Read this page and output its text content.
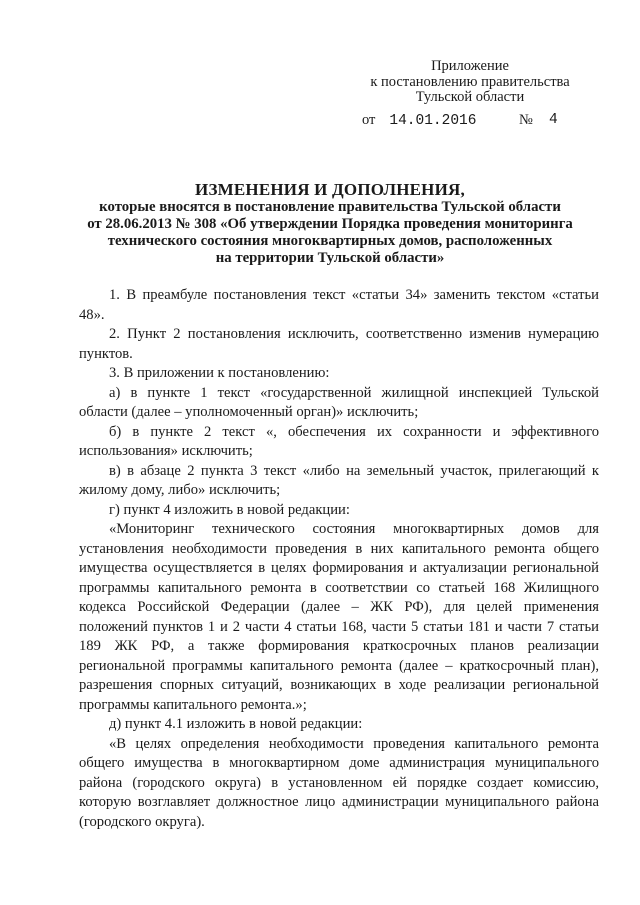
Приложение
к постановлению правительства
Тульской области
от 14.01.2016	№ 4
ИЗМЕНЕНИЯ И ДОПОЛНЕНИЯ,
которые вносятся в постановление правительства Тульской области
от 28.06.2013 № 308 «Об утверждении Порядка проведения мониторинга
технического состояния многоквартирных домов, расположенных
на территории Тульской области»

1. В преамбуле постановления текст «статьи 34» заменить текстом «статьи 48».

2. Пункт 2 постановления исключить, соответственно изменив нумерацию пунктов.

3. В приложении к постановлению:

а) в пункте 1 текст «государственной жилищной инспекцией Тульской области (далее – уполномоченный орган)» исключить;

б) в пункте 2 текст «, обеспечения их сохранности и эффективного использования» исключить;

в) в абзаце 2 пункта 3 текст «либо на земельный участок, прилегающий к жилому дому, либо» исключить;

г) пункт 4 изложить в новой редакции:

«Мониторинг технического состояния многоквартирных домов для установления необходимости проведения в них капитального ремонта общего имущества осуществляется в целях формирования и актуализации региональной программы капитального ремонта в соответствии со статьей 168 Жилищного кодекса Российской Федерации (далее – ЖК РФ), для целей применения положений пунктов 1 и 2 части 4 статьи 168, части 5 статьи 181 и части 7 статьи 189 ЖК РФ, а также формирования краткосрочных планов реализации региональной программы капитального ремонта (далее – краткосрочный план), разрешения спорных ситуаций, возникающих в ходе реализации региональной программы капитального ремонта.»;

д) пункт 4.1 изложить в новой редакции:

«В целях определения необходимости проведения капитального ремонта общего имущества в многоквартирном доме администрация муниципального района (городского округа) в установленном ей порядке создает комиссию, которую возглавляет должностное лицо администрации муниципального района (городского округа).
